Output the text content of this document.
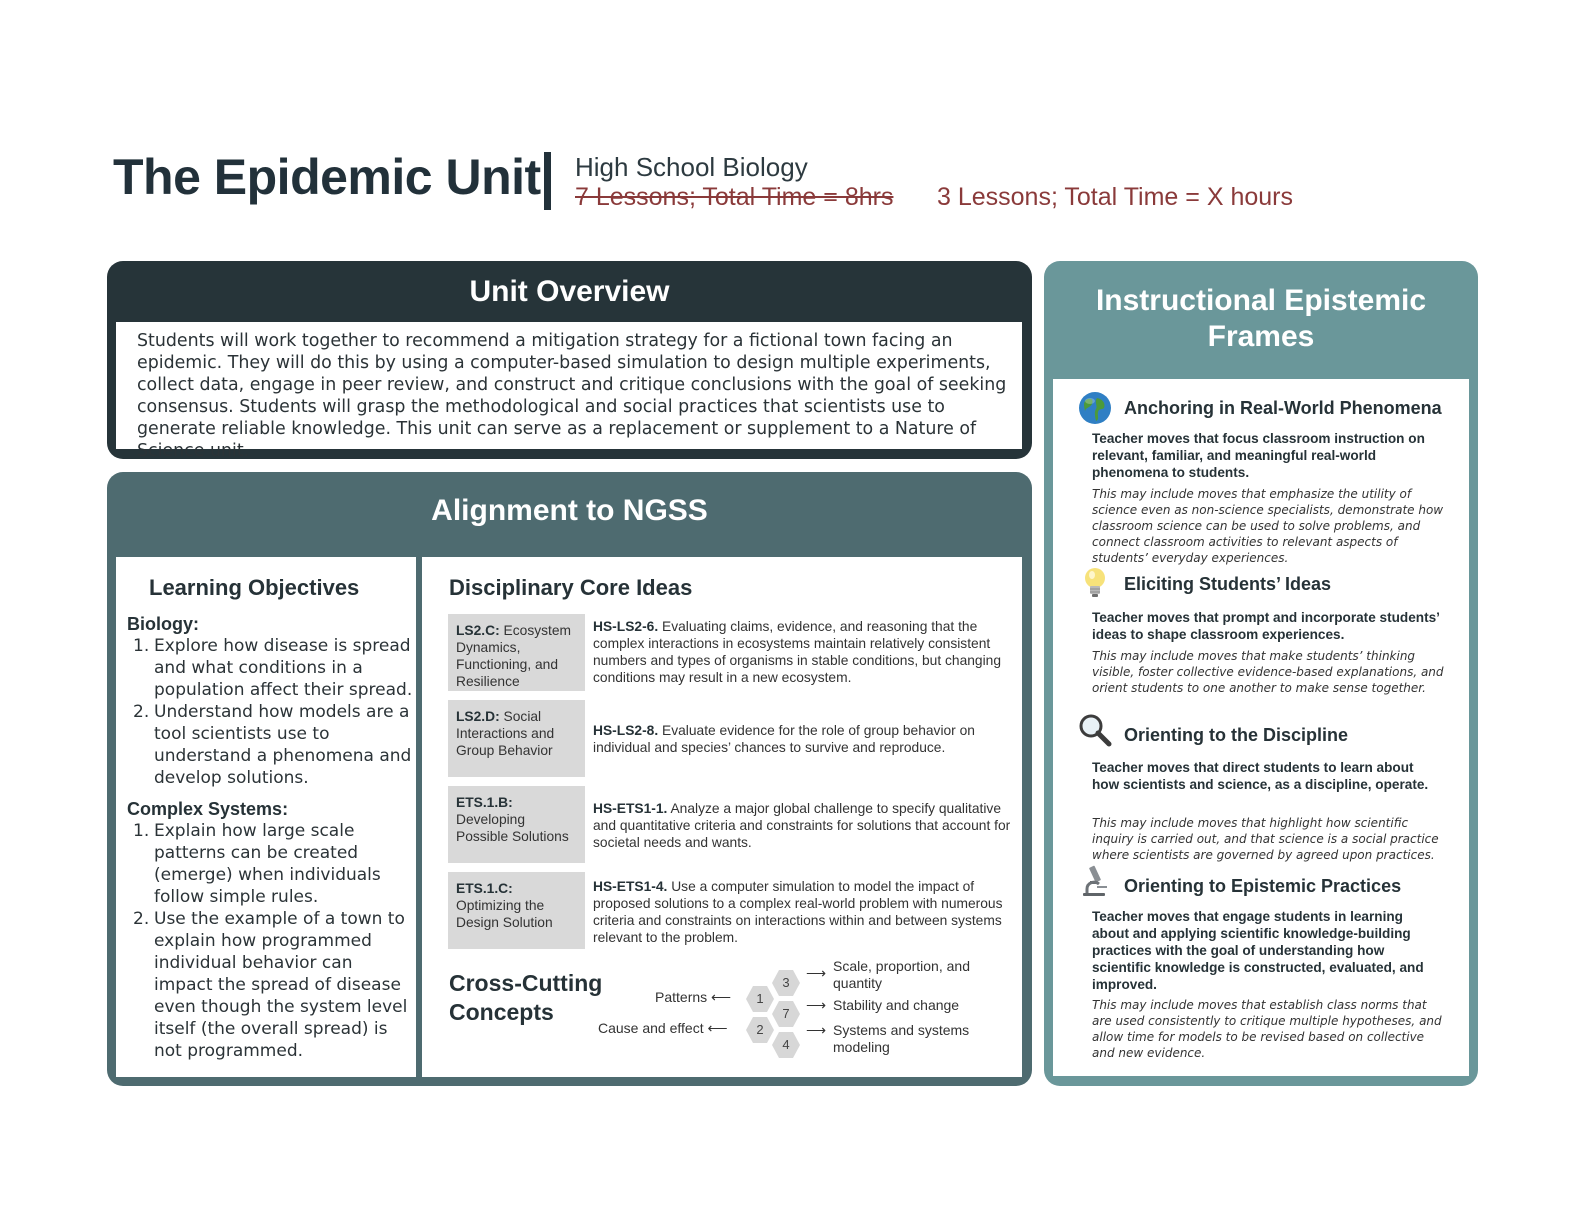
The Epidemic Unit High School Biology
7 Lessons; Total Time = 8hrs 3 Lessons; Total Time = X hours
Unit Overview
Students will work together to recommend a mitigation strategy for a fictional town facing an epidemic. They will do this by using a computer-based simulation to design multiple experiments, collect data, engage in peer review, and construct and critique conclusions with the goal of seeking consensus. Students will grasp the methodological and social practices that scientists use to generate reliable knowledge. This unit can serve as a replacement or supplement to a Nature of Science unit.
Alignment to NGSS
Learning Objectives
Biology:
1. Explore how disease is spread and what conditions in a population affect their spread.
2. Understand how models are a tool scientists use to understand a phenomena and develop solutions.
Complex Systems:
1. Explain how large scale patterns can be created (emerge) when individuals follow simple rules.
2. Use the example of a town to explain how programmed individual behavior can impact the spread of disease even though the system level itself (the overall spread) is not programmed.
Disciplinary Core Ideas
LS2.C: Ecosystem Dynamics, Functioning, and Resilience
HS-LS2-6. Evaluating claims, evidence, and reasoning that the complex interactions in ecosystems maintain relatively consistent numbers and types of organisms in stable conditions, but changing conditions may result in a new ecosystem.
LS2.D: Social Interactions and Group Behavior
HS-LS2-8. Evaluate evidence for the role of group behavior on individual and species’ chances to survive and reproduce.
ETS.1.B: Developing Possible Solutions
HS-ETS1-1. Analyze a major global challenge to specify qualitative and quantitative criteria and constraints for solutions that account for societal needs and wants.
ETS.1.C: Optimizing the Design Solution
HS-ETS1-4. Use a computer simulation to model the impact of proposed solutions to a complex real-world problem with numerous criteria and constraints on interactions within and between systems relevant to the problem.
Cross-Cutting Concepts
3
1
7
2
4
Patterns ⟵
Cause and effect ⟵
⟶ Scale, proportion, and quantity
⟶ Stability and change
⟶ Systems and systems modeling
Instructional Epistemic Frames
Anchoring in Real-World Phenomena
Teacher moves that focus classroom instruction on relevant, familiar, and meaningful real-world phenomena to students.
This may include moves that emphasize the utility of science even as non-science specialists, demonstrate how classroom science can be used to solve problems, and connect classroom activities to relevant aspects of students’ everyday experiences.
Eliciting Students’ Ideas
Teacher moves that prompt and incorporate students’ ideas to shape classroom experiences.
This may include moves that make students’ thinking visible, foster collective evidence-based explanations, and orient students to one another to make sense together.
Orienting to the Discipline
Teacher moves that direct students to learn about how scientists and science, as a discipline, operate.
This may include moves that highlight how scientific inquiry is carried out, and that science is a social practice where scientists are governed by agreed upon practices.
Orienting to Epistemic Practices
Teacher moves that engage students in learning about and applying scientific knowledge-building practices with the goal of understanding how scientific knowledge is constructed, evaluated, and improved.
This may include moves that establish class norms that are used consistently to critique multiple hypotheses, and allow time for models to be revised based on collective and new evidence.
